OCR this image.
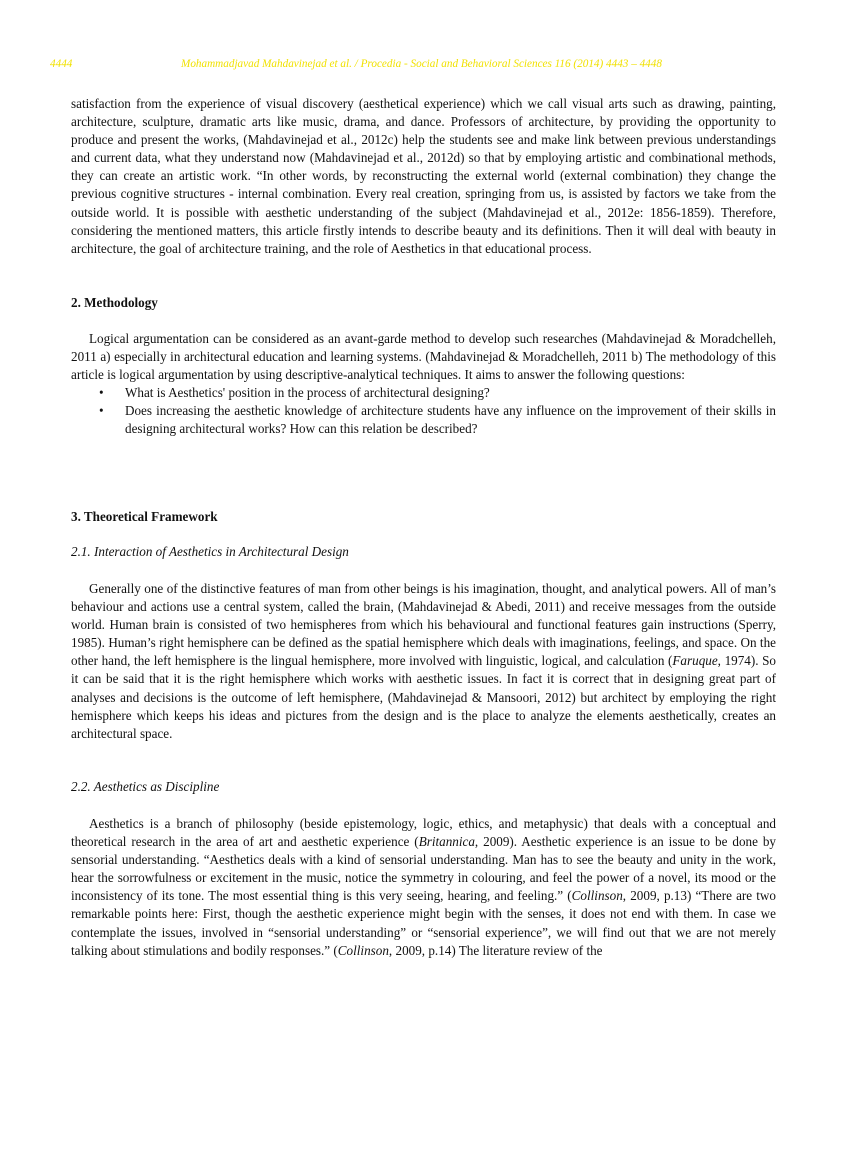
4444	Mohammadjavad Mahdavinejad et al. / Procedia - Social and Behavioral Sciences 116 (2014) 4443 – 4448

satisfaction from the experience of visual discovery (aesthetical experience) which we call visual arts such as drawing, painting, architecture, sculpture, dramatic arts like music, drama, and dance. Professors of architecture, by providing the opportunity to produce and present the works, (Mahdavinejad et al., 2012c) help the students see and make link between previous understandings and current data, what they understand now (Mahdavinejad et al., 2012d) so that by employing artistic and combinational methods, they can create an artistic work. “In other words, by reconstructing the external world (external combination) they change the previous cognitive structures - internal combination. Every real creation, springing from us, is assisted by factors we take from the outside world. It is possible with aesthetic understanding of the subject (Mahdavinejad et al., 2012e: 1856-1859). Therefore, considering the mentioned matters, this article firstly intends to describe beauty and its definitions. Then it will deal with beauty in architecture, the goal of architecture training, and the role of Aesthetics in that educational process.

2. Methodology

Logical argumentation can be considered as an avant-garde method to develop such researches (Mahdavinejad & Moradchelleh, 2011 a) especially in architectural education and learning systems. (Mahdavinejad & Moradchelleh, 2011 b) The methodology of this article is logical argumentation by using descriptive-analytical techniques. It aims to answer the following questions:

• What is Aesthetics' position in the process of architectural designing?
• Does increasing the aesthetic knowledge of architecture students have any influence on the improvement of their skills in designing architectural works? How can this relation be described?
3. Theoretical Framework
2.1. Interaction of Aesthetics in Architectural Design

Generally one of the distinctive features of man from other beings is his imagination, thought, and analytical powers. All of man’s behaviour and actions use a central system, called the brain, (Mahdavinejad & Abedi, 2011) and receive messages from the outside world. Human brain is consisted of two hemispheres from which his behavioural and functional features gain instructions (Sperry, 1985). Human’s right hemisphere can be defined as the spatial hemisphere which deals with imaginations, feelings, and space. On the other hand, the left hemisphere is the lingual hemisphere, more involved with linguistic, logical, and calculation (Faruque, 1974). So it can be said that it is the right hemisphere which works with aesthetic issues. In fact it is correct that in designing great part of analyses and decisions is the outcome of left hemisphere, (Mahdavinejad & Mansoori, 2012) but architect by employing the right hemisphere which keeps his ideas and pictures from the design and is the place to analyze the elements aesthetically, creates an architectural space.

2.2. Aesthetics as Discipline

Aesthetics is a branch of philosophy (beside epistemology, logic, ethics, and metaphysic) that deals with a conceptual and theoretical research in the area of art and aesthetic experience (Britannica, 2009). Aesthetic experience is an issue to be done by sensorial understanding. “Aesthetics deals with a kind of sensorial understanding. Man has to see the beauty and unity in the work, hear the sorrowfulness or excitement in the music, notice the symmetry in colouring, and feel the power of a novel, its mood or the inconsistency of its tone. The most essential thing is this very seeing, hearing, and feeling.” (Collinson, 2009, p.13) “There are two remarkable points here: First, though the aesthetic experience might begin with the senses, it does not end with them. In case we contemplate the issues, involved in “sensorial understanding” or “sensorial experience”, we will find out that we are not merely talking about stimulations and bodily responses.” (Collinson, 2009, p.14) The literature review of the
